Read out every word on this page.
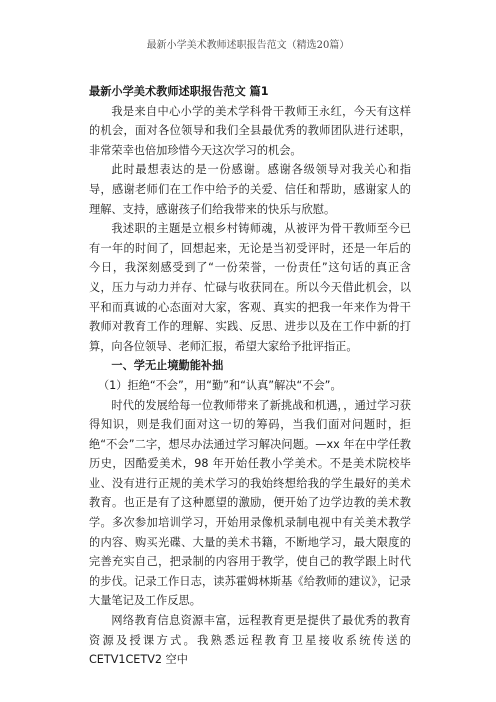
最新小学美术教师述职报告范文（精选20篇）

最新小学美术教师述职报告范文 篇1

我是来自中心小学的美术学科骨干教师王永红，今天有这样的机会，面对各位领导和我们全县最优秀的教师团队进行述职，非常荣幸也倍加珍惜今天这次学习的机会。

此时最想表达的是一份感谢。感谢各级领导对我关心和指导，感谢老师们在工作中给予的关爱、信任和帮助，感谢家人的理解、支持，感谢孩子们给我带来的快乐与欣慰。

我述职的主题是立根乡村铸师魂，从被评为骨干教师至今已有一年的时间了，回想起来，无论是当初受评时，还是一年后的今日，我深刻感受到了“一份荣誉，一份责任”这句话的真正含义，压力与动力并存、忙碌与收获同在。所以今天借此机会，以平和而真诚的心态面对大家，客观、真实的把我一年来作为骨干教师对教育工作的理解、实践、反思、进步以及在工作中新的打算，向各位领导、老师汇报，希望大家给予批评指正。

一、学无止境勤能补拙

（1）拒绝“不会”，用“勤”和“认真”解决“不会”。

时代的发展给每一位教师带来了新挑战和机遇，，通过学习获得知识，则是我们面对这一切的筹码，当我们面对问题时，拒绝“不会”二字，想尽办法通过学习解决问题。—xx 年在中学任教历史，因酷爱美术，98 年开始任教小学美术。不是美术院校毕业、没有进行正规的美术学习的我始终想给我的学生最好的美术教育。也正是有了这种愿望的激励，便开始了边学边教的美术教学。多次参加培训学习，开始用录像机录制电视中有关美术教学的内容、购买光碟、大量的美术书籍，不断地学习，最大限度的完善充实自己，把录制的内容用于教学，使自己的教学跟上时代的步伐。记录工作日志，读苏霍姆林斯基《给教师的建议》，记录大量笔记及工作反思。

网络教育信息资源丰富，远程教育更是提供了最优秀的教育资源及授课方式。我熟悉远程教育卫星接收系统传送的 CETV1CETV2 空中
